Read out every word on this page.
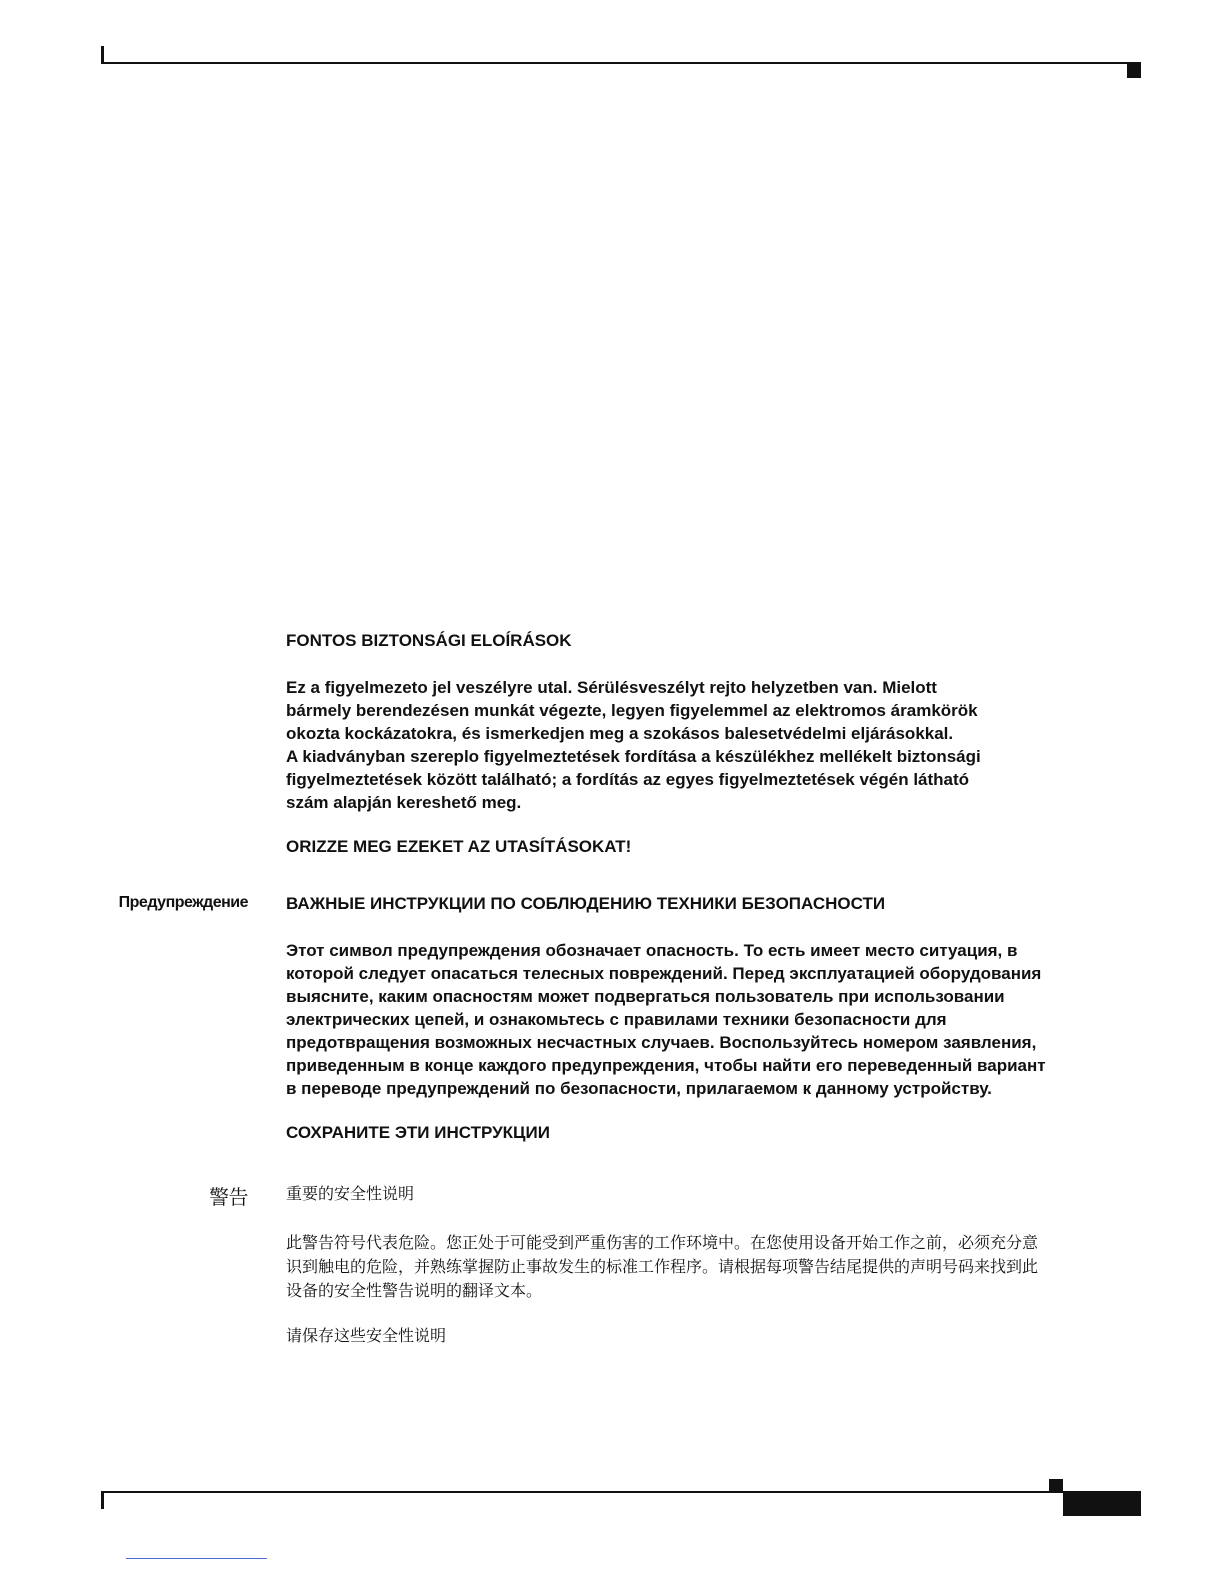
FONTOS BIZTONSÁGI ELOÍRÁSOK

Ez a figyelmezeto jel veszélyre utal. Sérülésveszélyt rejto helyzetben van. Mielott

bármely berendezésen munkát végezte, legyen figyelemmel az elektromos áramkörök

okozta kockázatokra, és ismerkedjen meg a szokásos balesetvédelmi eljárásokkal.

A kiadványban szereplo figyelmeztetések fordítása a készülékhez mellékelt biztonsági

figyelmeztetések között található; a fordítás az egyes figyelmeztetések végén látható

szám alapján kereshető meg.

ORIZZE MEG EZEKET AZ UTASÍTÁSOKAT!

Предупреждение ВАЖНЫЕ ИНСТРУКЦИИ ПО СОБЛЮДЕНИЮ ТЕХНИКИ БЕЗОПАСНОСТИ

Этот символ предупреждения обозначает опасность. То есть имеет место ситуация, в

которой следует опасаться телесных повреждений. Перед эксплуатацией оборудования

выясните, каким опасностям может подвергаться пользователь при использовании

электрических цепей, и ознакомьтесь с правилами техники безопасности для

предотвращения возможных несчастных случаев. Воспользуйтесь номером заявления,

приведенным в конце каждого предупреждения, чтобы найти его переведенный вариант

в переводе предупреждений по безопасности, прилагаемом к данному устройству.

СОХРАНИТЕ ЭТИ ИНСТРУКЦИИ

警告 重要的安全性说明

此警告符号代表危险。您正处于可能受到严重伤害的工作环境中。在您使用设备开始工作之前，必须充分意

识到触电的危险，并熟练掌握防止事故发生的标准工作程序。请根据每项警告结尾提供的声明号码来找到此

设备的安全性警告说明的翻译文本。

请保存这些安全性说明
